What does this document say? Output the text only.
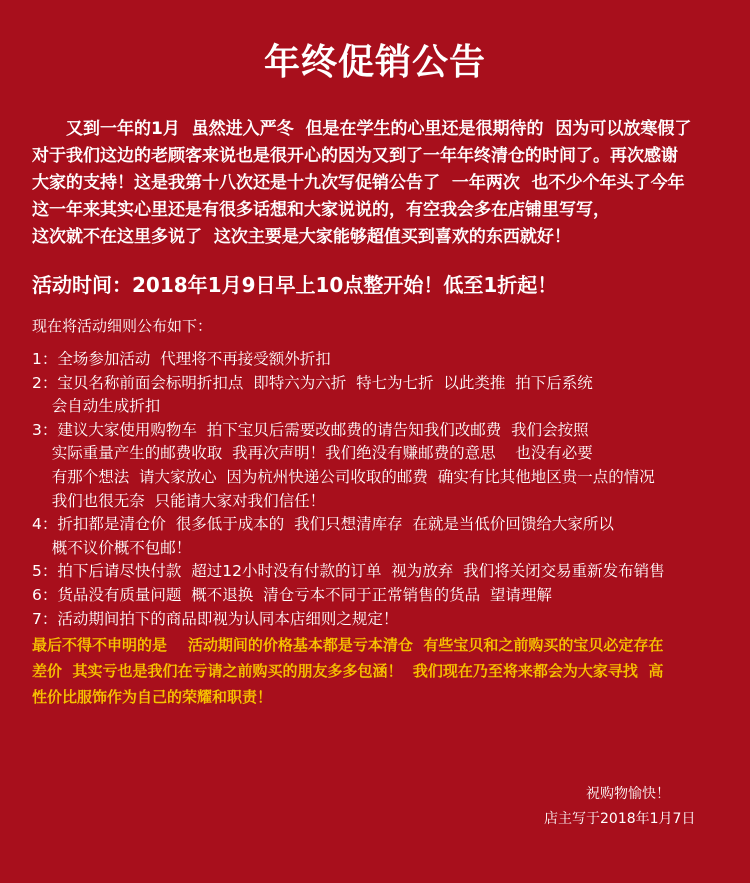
年终促销公告
又到一年的1月  虽然进入严冬  但是在学生的心里还是很期待的  因为可以放寒假了
对于我们这边的老顾客来说也是很开心的因为又到了一年年终清仓的时间了。再次感谢
大家的支持！这是我第十八次还是十九次写促销公告了  一年两次  也不少个年头了今年
这一年来其实心里还是有很多话想和大家说说的，有空我会多在店铺里写写，
这次就不在这里多说了  这次主要是大家能够超值买到喜欢的东西就好！
活动时间：2018年1月9日早上10点整开始！低至1折起！
现在将活动细则公布如下：
1：全场参加活动  代理将不再接受额外折扣
2：宝贝名称前面会标明折扣点  即特六为六折  特七为七折  以此类推  拍下后系统
会自动生成折扣
3：建议大家使用购物车  拍下宝贝后需要改邮费的请告知我们改邮费  我们会按照
实际重量产生的邮费收取  我再次声明！我们绝没有赚邮费的意思    也没有必要
有那个想法  请大家放心  因为杭州快递公司收取的邮费  确实有比其他地区贵一点的情况
我们也很无奈  只能请大家对我们信任！
4：折扣都是清仓价  很多低于成本的  我们只想清库存  在就是当低价回馈给大家所以
概不议价概不包邮！
5：拍下后请尽快付款  超过12小时没有付款的订单  视为放弃  我们将关闭交易重新发布销售
6：货品没有质量问题  概不退换  清仓亏本不同于正常销售的货品  望请理解
7：活动期间拍下的商品即视为认同本店细则之规定！
最后不得不申明的是    活动期间的价格基本都是亏本清仓  有些宝贝和之前购买的宝贝必定存在
差价  其实亏也是我们在亏请之前购买的朋友多多包涵！  我们现在乃至将来都会为大家寻找  高
性价比服饰作为自己的荣耀和职责！
祝购物愉快！
店主写于2018年1月7日
